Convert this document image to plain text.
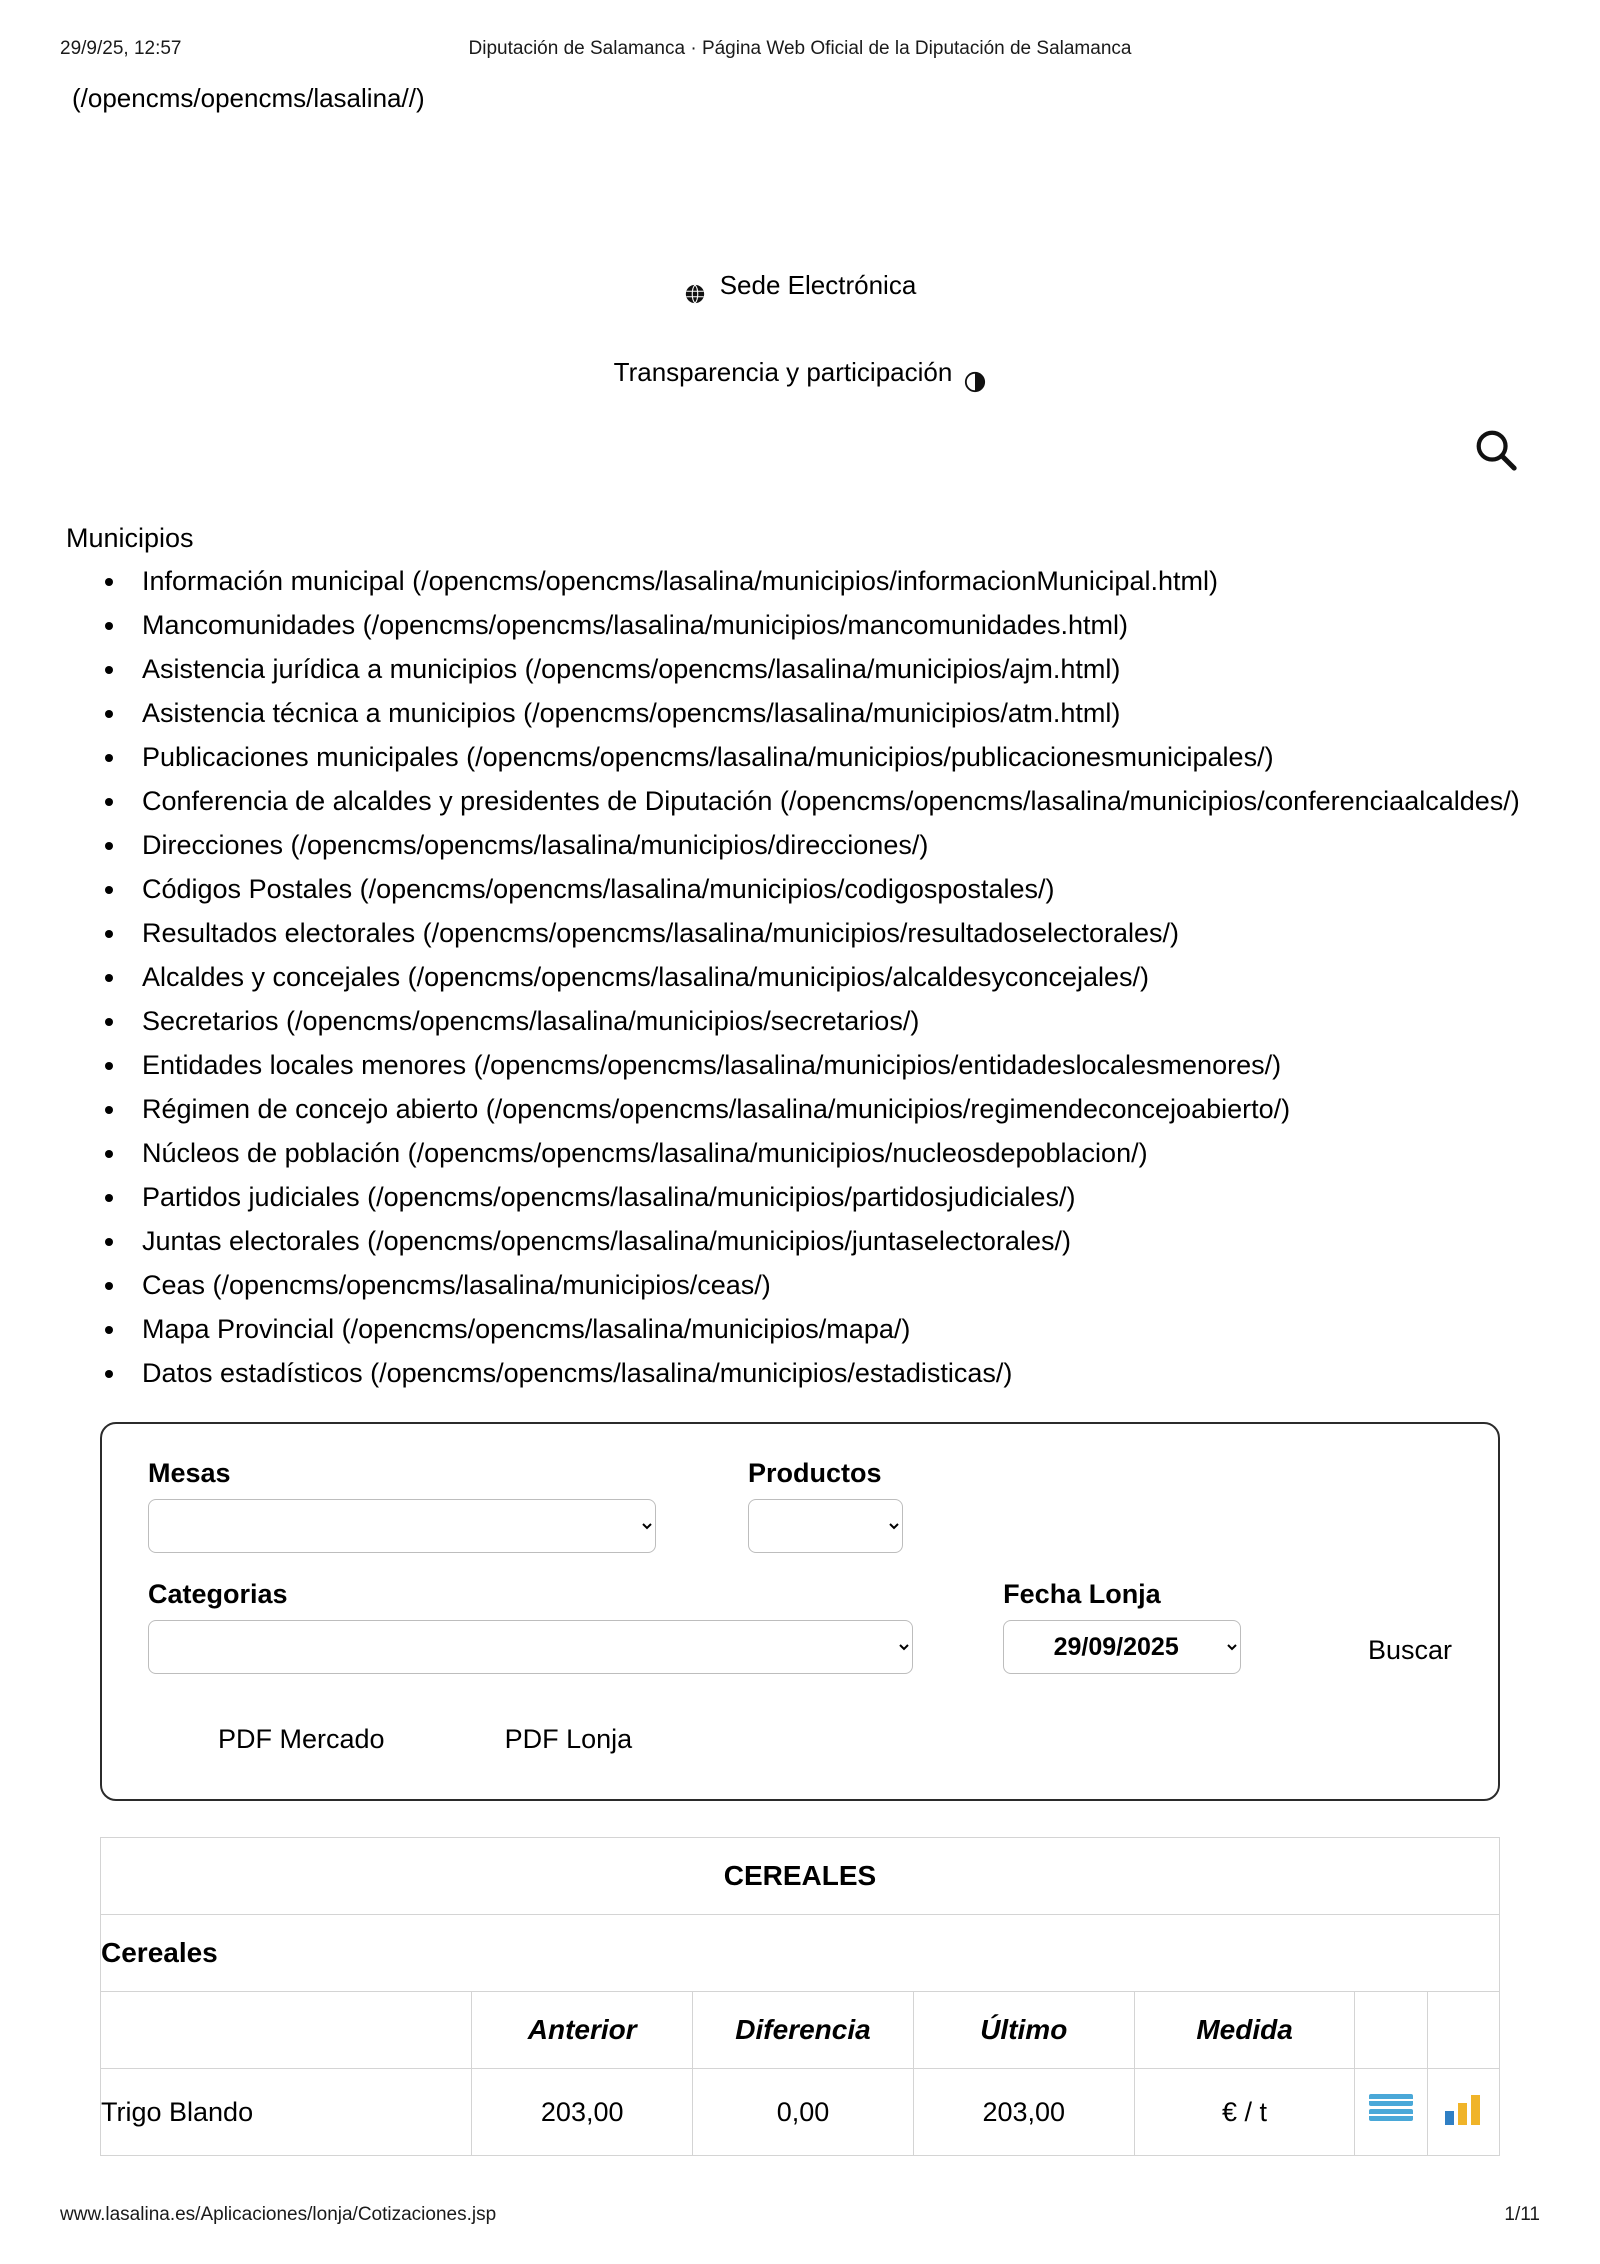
29/9/25, 12:57	Diputación de Salamanca · Página Web Oficial de la Diputación de Salamanca
(/opencms/opencms/lasalina//)
Sede Electrónica
Transparencia y participación
Municipios
• Información municipal (/opencms/opencms/lasalina/municipios/informacionMunicipal.html)
• Mancomunidades (/opencms/opencms/lasalina/municipios/mancomunidades.html)
• Asistencia jurídica a municipios (/opencms/opencms/lasalina/municipios/ajm.html)
• Asistencia técnica a municipios (/opencms/opencms/lasalina/municipios/atm.html)
• Publicaciones municipales (/opencms/opencms/lasalina/municipios/publicacionesmunicipales/)
• Conferencia de alcaldes y presidentes de Diputación (/opencms/opencms/lasalina/municipios/conferenciaalcaldes/)
• Direcciones (/opencms/opencms/lasalina/municipios/direcciones/)
• Códigos Postales (/opencms/opencms/lasalina/municipios/codigospostales/)
• Resultados electorales (/opencms/opencms/lasalina/municipios/resultadoselectorales/)
• Alcaldes y concejales (/opencms/opencms/lasalina/municipios/alcaldesyconcejales/)
• Secretarios (/opencms/opencms/lasalina/municipios/secretarios/)
• Entidades locales menores (/opencms/opencms/lasalina/municipios/entidadeslocalesmenores/)
• Régimen de concejo abierto (/opencms/opencms/lasalina/municipios/regimendeconcejoabierto/)
• Núcleos de población (/opencms/opencms/lasalina/municipios/nucleosdepoblacion/)
• Partidos judiciales (/opencms/opencms/lasalina/municipios/partidosjudiciales/)
• Juntas electorales (/opencms/opencms/lasalina/municipios/juntaselectorales/)
• Ceas (/opencms/opencms/lasalina/municipios/ceas/)
• Mapa Provincial (/opencms/opencms/lasalina/municipios/mapa/)
• Datos estadísticos (/opencms/opencms/lasalina/municipios/estadisticas/)
Mesas	Productos
Categorias	Fecha Lonja
29/09/2025
Buscar
PDF Mercado	PDF Lonja
CEREALES						
Cereales						
	Anterior	Diferencia	Último	Medida		
Trigo Blando	203,00	0,00	203,00	€ / t		
www.lasalina.es/Aplicaciones/lonja/Cotizaciones.jsp	1/11
